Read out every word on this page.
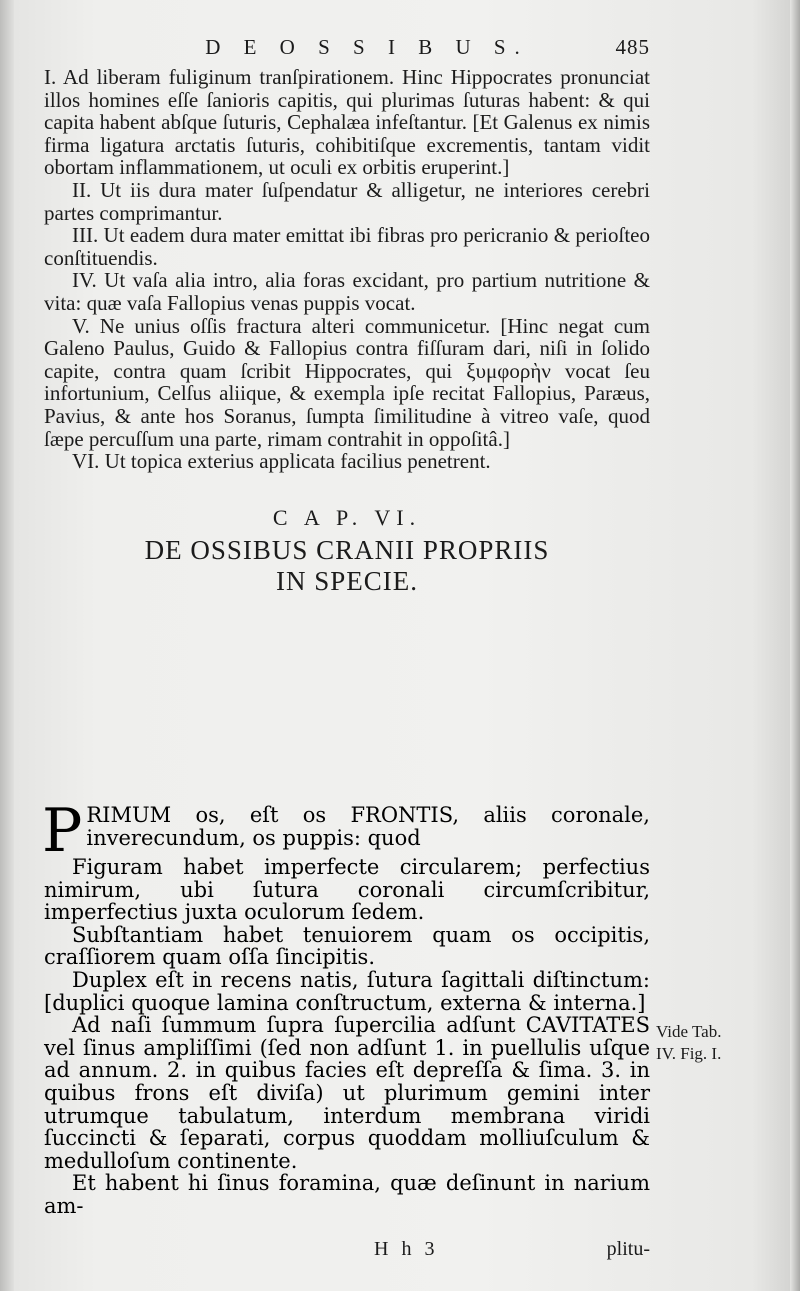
D E O S S I B U S.	485

I. Ad liberam fuliginum tranſpirationem. Hinc Hippocrates pronunciat illos homines eſſe ſanioris capitis, qui plurimas ſuturas habent: & qui capita habent abſque ſuturis, Cephalæa infeſtantur. [Et Galenus ex nimis firma ligatura arctatis ſuturis, cohibitiſque excrementis, tantam vidit obortam inflammationem, ut oculi ex orbitis eruperint.]

II. Ut iis dura mater ſuſpendatur & alligetur, ne interiores cerebri partes comprimantur.

III. Ut eadem dura mater emittat ibi fibras pro pericranio & perioſteo conſtituendis.

IV. Ut vaſa alia intro, alia foras excidant, pro partium nutritione & vita: quæ vaſa Fallopius venas puppis vocat.

V. Ne unius oſſis fractura alteri communicetur. [Hinc negat cum Galeno Paulus, Guido & Fallopius contra fiſſuram dari, niſi in ſolido capite, contra quam ſcribit Hippocrates, qui ξυμφορὴν vocat ſeu infortunium, Celſus aliique, & exempla ipſe recitat Fallopius, Paræus, Pavius, & ante hos Soranus, ſumpta ſimilitudine à vitreo vaſe, quod ſæpe percuſſum una parte, rimam contrahit in oppoſitâ.]

VI. Ut topica exterius applicata facilius penetrent.

C A P. VI.
DE OSSIBUS CRANII PROPRIIS
IN SPECIE.

PRIMUM os, eſt os FRONTIS, aliis coronale, inverecundum, os puppis: quod

Figuram habet imperfecte circularem; perfectius nimirum, ubi ſutura coronali circumſcribitur, imperfectius juxta oculorum ſedem.

Subſtantiam habet tenuiorem quam os occipitis, craſſiorem quam oſſa ſincipitis.

Duplex eſt in recens natis, ſutura ſagittali diſtinctum: [duplici quoque lamina conſtructum, externa & interna.]

Ad naſi ſummum ſupra ſupercilia adſunt CAVITATES vel ſinus ampliſſimi (ſed non adſunt 1. in puellulis uſque ad annum. 2. in quibus facies eſt depreſſa & ſima. 3. in quibus frons eſt diviſa) ut plurimum gemini inter utrumque tabulatum, interdum membrana viridi ſuccincti & ſeparati, corpus quoddam molliuſculum & medulloſum continente.

Et habent hi ſinus foramina, quæ deſinunt in narium am-

Vide Tab.
IV. Fig. I.
H h 3	plitu-
